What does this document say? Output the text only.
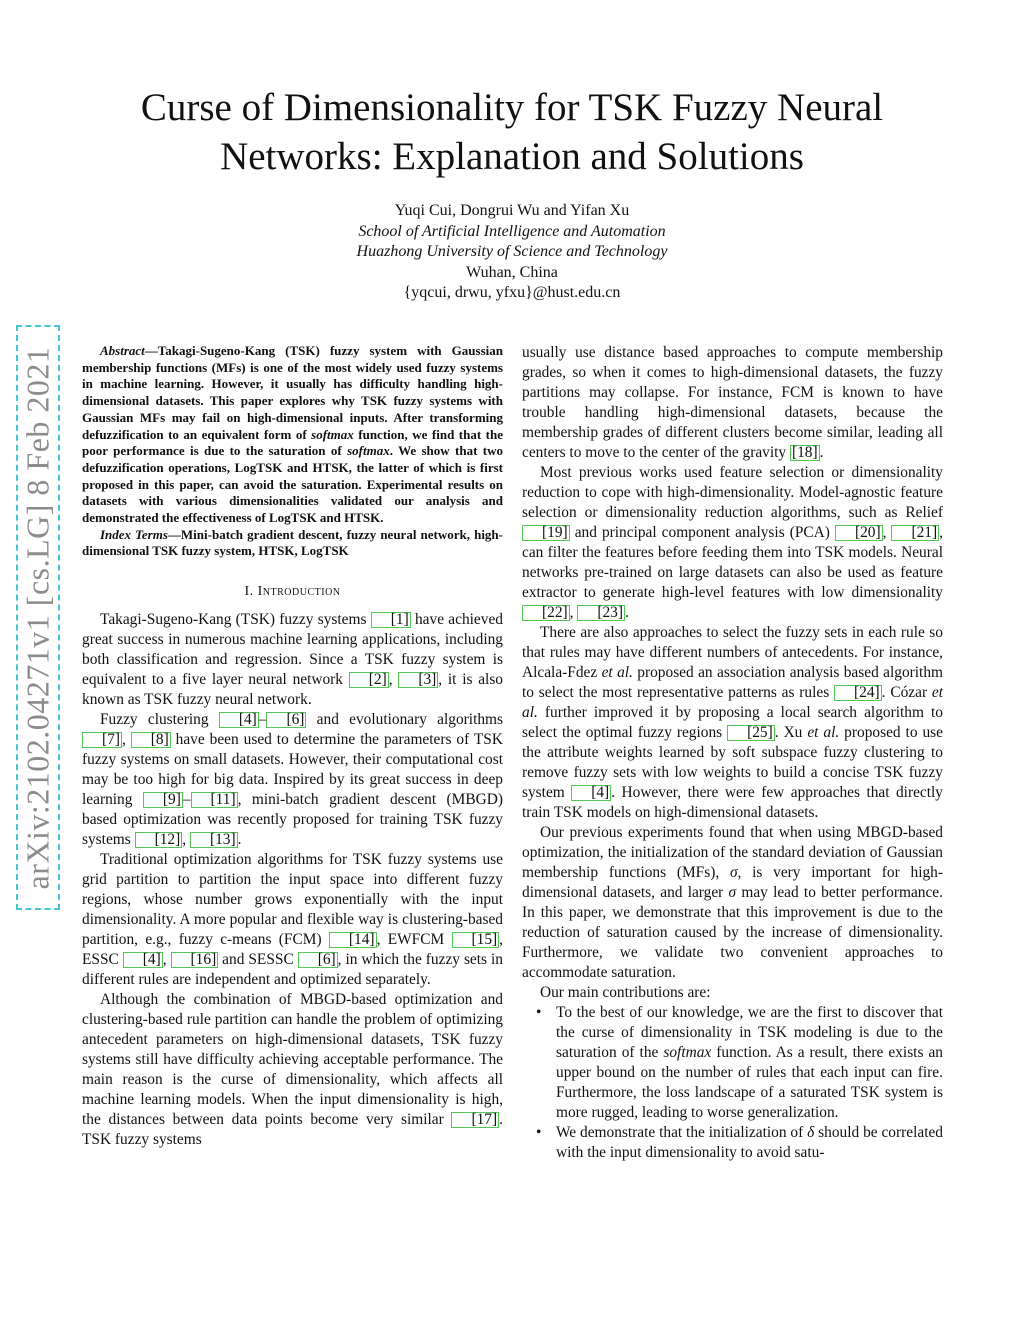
arXiv:2102.04271v1 [cs.LG] 8 Feb 2021
Curse of Dimensionality for TSK Fuzzy Neural
Networks: Explanation and Solutions
Yuqi Cui, Dongrui Wu and Yifan Xu
School of Artificial Intelligence and Automation
Huazhong University of Science and Technology
Wuhan, China
{yqcui, drwu, yfxu}@hust.edu.cn

Abstract—Takagi-Sugeno-Kang (TSK) fuzzy system with Gaussian membership functions (MFs) is one of the most widely used fuzzy systems in machine learning. However, it usually has difficulty handling high-dimensional datasets. This paper explores why TSK fuzzy systems with Gaussian MFs may fail on high-dimensional inputs. After transforming defuzzification to an equivalent form of softmax function, we find that the poor performance is due to the saturation of softmax. We show that two defuzzification operations, LogTSK and HTSK, the latter of which is first proposed in this paper, can avoid the saturation. Experimental results on datasets with various dimensionalities validated our analysis and demonstrated the effectiveness of LogTSK and HTSK.

Index Terms—Mini-batch gradient descent, fuzzy neural network, high-dimensional TSK fuzzy system, HTSK, LogTSK

I. Introduction

Takagi-Sugeno-Kang (TSK) fuzzy systems [1] have achieved great success in numerous machine learning applications, including both classification and regression. Since a TSK fuzzy system is equivalent to a five layer neural network [2] , [3] , it is also known as TSK fuzzy neural network.

Fuzzy clustering [4] – [6] and evolutionary algorithms [7] , [8] have been used to determine the parameters of TSK fuzzy systems on small datasets. However, their computational cost may be too high for big data. Inspired by its great success in deep learning [9] – [11] , mini-batch gradient descent (MBGD) based optimization was recently proposed for training TSK fuzzy systems [12] , [13] .

Traditional optimization algorithms for TSK fuzzy systems use grid partition to partition the input space into different fuzzy regions, whose number grows exponentially with the input dimensionality. A more popular and flexible way is clustering-based partition, e.g., fuzzy c-means (FCM) [14] , EWFCM [15] , ESSC [4] , [16] and SESSC [6] , in which the fuzzy sets in different rules are independent and optimized separately.

Although the combination of MBGD-based optimization and clustering-based rule partition can handle the problem of optimizing antecedent parameters on high-dimensional datasets, TSK fuzzy systems still have difficulty achieving acceptable performance. The main reason is the curse of dimensionality, which affects all machine learning models. When the input dimensionality is high, the distances between data points become very similar [17] . TSK fuzzy systems

usually use distance based approaches to compute membership grades, so when it comes to high-dimensional datasets, the fuzzy partitions may collapse. For instance, FCM is known to have trouble handling high-dimensional datasets, because the membership grades of different clusters become similar, leading all centers to move to the center of the gravity [18] .

Most previous works used feature selection or dimensionality reduction to cope with high-dimensionality. Model-agnostic feature selection or dimensionality reduction algorithms, such as Relief [19] and principal component analysis (PCA) [20] , [21] , can filter the features before feeding them into TSK models. Neural networks pre-trained on large datasets can also be used as feature extractor to generate high-level features with low dimensionality [22] , [23] .

There are also approaches to select the fuzzy sets in each rule so that rules may have different numbers of antecedents. For instance, Alcala-Fdez et al. proposed an association analysis based algorithm to select the most representative patterns as rules [24] . Cózar et al. further improved it by proposing a local search algorithm to select the optimal fuzzy regions [25] . Xu et al. proposed to use the attribute weights learned by soft subspace fuzzy clustering to remove fuzzy sets with low weights to build a concise TSK fuzzy system [4] . However, there were few approaches that directly train TSK models on high-dimensional datasets.

Our previous experiments found that when using MBGD-based optimization, the initialization of the standard deviation of Gaussian membership functions (MFs), σ, is very important for high-dimensional datasets, and larger σ may lead to better performance. In this paper, we demonstrate that this improvement is due to the reduction of saturation caused by the increase of dimensionality. Furthermore, we validate two convenient approaches to accommodate saturation.

Our main contributions are:

• To the best of our knowledge, we are the first to discover that the curse of dimensionality in TSK modeling is due to the saturation of the softmax function. As a result, there exists an upper bound on the number of rules that each input can fire. Furthermore, the loss landscape of a saturated TSK system is more rugged, leading to worse generalization.
• We demonstrate that the initialization of δ should be correlated with the input dimensionality to avoid satu-
